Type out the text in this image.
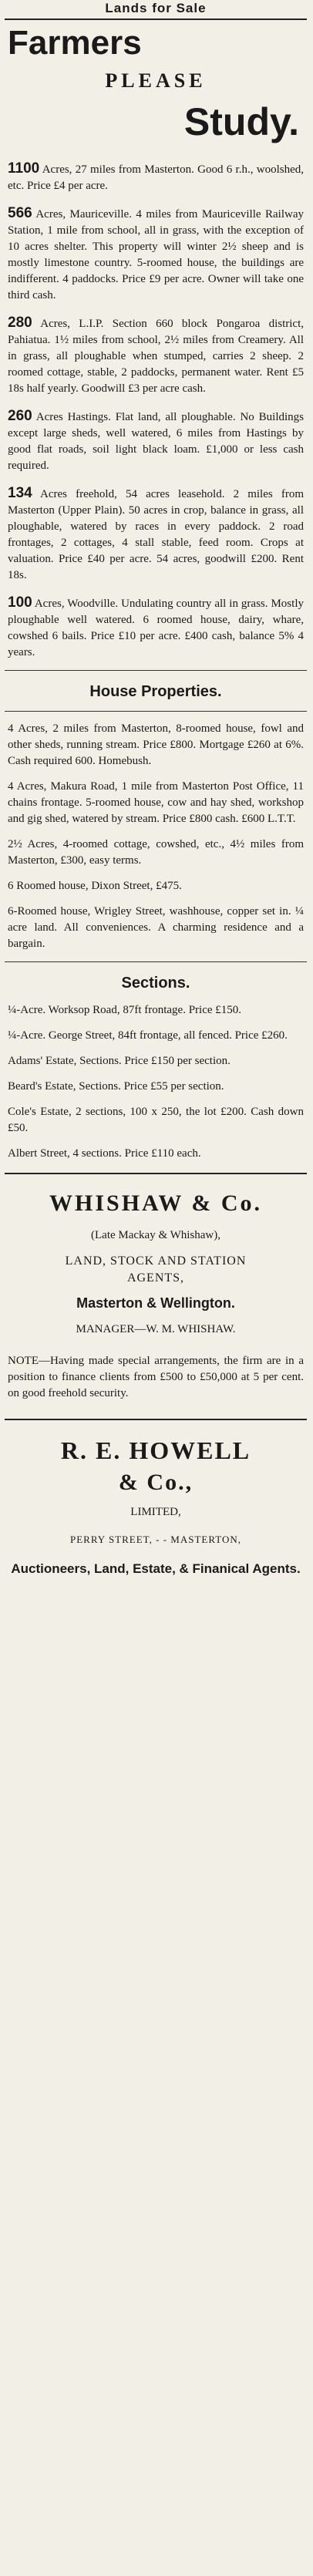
Lands for Sale
Farmers
PLEASE
Study.
1100 Acres, 27 miles from Masterton. Good 6 r.h., woolshed, etc. Price £4 per acre.
566 Acres, Mauriceville. 4 miles from Mauriceville Railway Station, 1 mile from school, all in grass, with the exception of 10 acres shelter. This property will winter 2½ sheep and is mostly limestone country. 5-roomed house, the buildings are indifferent. 4 paddocks. Price £9 per acre. Owner will take one third cash.
280 Acres, L.I.P. Section 660 block Pongaroa district, Pahiatua. 1½ miles from school, 2½ miles from Creamery. All in grass, all ploughable when stumped, carries 2 sheep. 2 roomed cottage, stable, 2 paddocks, permanent water. Rent £5 18s half yearly. Goodwill £3 per acre cash.
260 Acres Hastings. Flat land, all ploughable. No Buildings except large sheds, well watered, 6 miles from Hastings by good flat roads, soil light black loam. £1,000 or less cash required.
134 Acres freehold, 54 acres leasehold. 2 miles from Masterton (Upper Plain). 50 acres in crop, balance in grass, all ploughable, watered by races in every paddock. 2 road frontages, 2 cottages, 4 stall stable, feed room. Crops at valuation. Price £40 per acre. 54 acres, goodwill £200. Rent 18s.
100 Acres, Woodville. Undulating country all in grass. Mostly ploughable well watered. 6 roomed house, dairy, whare, cowshed 6 bails. Price £10 per acre. £400 cash, balance 5% 4 years.
House Properties.
4 Acres, 2 miles from Masterton, 8-roomed house, fowl and other sheds, running stream. Price £800. Mortgage £260 at 6%. Cash required 600. Homebush.
4 Acres, Makura Road, 1 mile from Masterton Post Office, 11 chains frontage. 5-roomed house, cow and hay shed, workshop and gig shed, watered by stream. Price £800 cash. £600 L.T.T.
2½ Acres, 4-roomed cottage, cowshed, etc., 4½ miles from Masterton, £300, easy terms.
6 Roomed house, Dixon Street, £475.
6-Roomed house, Wrigley Street, washhouse, copper set in. ¼ acre land. All conveniences. A charming residence and a bargain.
Sections.
¼-Acre. Worksop Road, 87ft frontage. Price £150.
¼-Acre. George Street, 84ft frontage, all fenced. Price £260.
Adams' Estate, Sections. Price £150 per section.
Beard's Estate, Sections. Price £55 per section.
Cole's Estate, 2 sections, 100 x 250, the lot £200. Cash down £50.
Albert Street, 4 sections. Price £110 each.
WHISHAW & Co.
(Late Mackay & Whishaw),
LAND, STOCK AND STATION
AGENTS,
Masterton & Wellington.
MANAGER—W. M. WHISHAW.
NOTE—Having made special arrangements, the firm are in a position to finance clients from £500 to £50,000 at 5 per cent. on good freehold security.
R. E. HOWELL
& Co.,
LIMITED,
PERRY STREET, - - MASTERTON,
Auctioneers, Land, Estate, & Finanical Agents.
